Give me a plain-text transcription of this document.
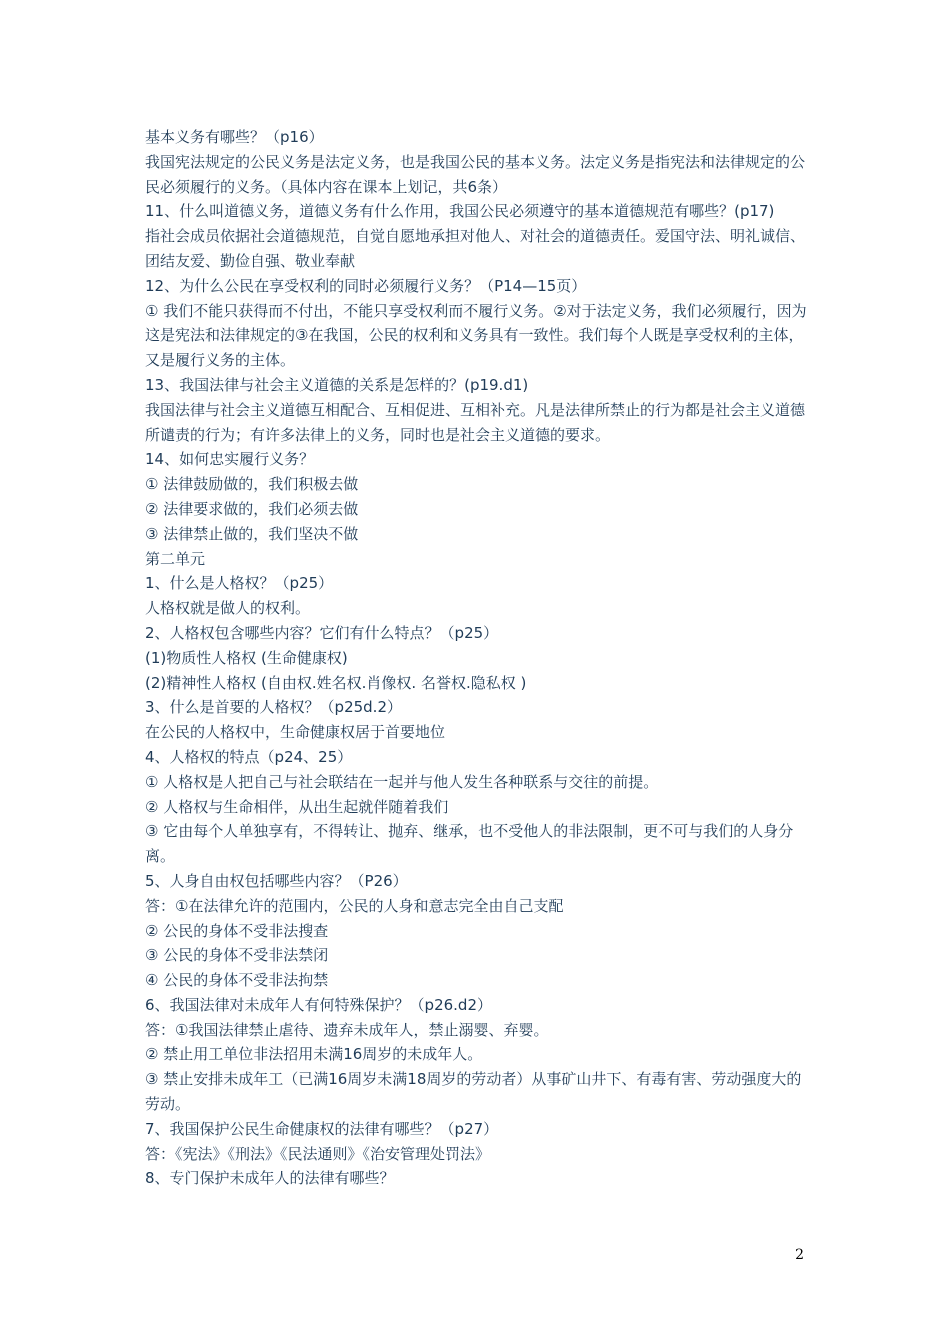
基本义务有哪些？（p16）

我国宪法规定的公民义务是法定义务，也是我国公民的基本义务。法定义务是指宪法和法律规定的公民必须履行的义务。（具体内容在课本上划记，共6条）

11、什么叫道德义务，道德义务有什么作用，我国公民必须遵守的基本道德规范有哪些？(p17)

指社会成员依据社会道德规范，自觉自愿地承担对他人、对社会的道德责任。爱国守法、明礼诚信、团结友爱、勤俭自强、敬业奉献

12、为什么公民在享受权利的同时必须履行义务？（P14—15页）

① 我们不能只获得而不付出，不能只享受权利而不履行义务。②对于法定义务，我们必须履行，因为这是宪法和法律规定的③在我国，公民的权利和义务具有一致性。我们每个人既是享受权利的主体，又是履行义务的主体。

13、我国法律与社会主义道德的关系是怎样的？(p19.d1)

我国法律与社会主义道德互相配合、互相促进、互相补充。凡是法律所禁止的行为都是社会主义道德所谴责的行为；有许多法律上的义务，同时也是社会主义道德的要求。

14、如何忠实履行义务？

① 法律鼓励做的，我们积极去做

② 法律要求做的，我们必须去做

③ 法律禁止做的，我们坚决不做

第二单元

1、什么是人格权？（p25）

人格权就是做人的权利。

2、人格权包含哪些内容？它们有什么特点？（p25）

(1)物质性人格权 (生命健康权)

(2)精神性人格权 (自由权.姓名权.肖像权. 名誉权.隐私权 )

3、什么是首要的人格权？（p25d.2）

在公民的人格权中，生命健康权居于首要地位

4、人格权的特点（p24、25）

① 人格权是人把自己与社会联结在一起并与他人发生各种联系与交往的前提。

② 人格权与生命相伴，从出生起就伴随着我们

③ 它由每个人单独享有，不得转让、抛弃、继承，也不受他人的非法限制，更不可与我们的人身分离。

5、人身自由权包括哪些内容？（P26）

答：①在法律允许的范围内，公民的人身和意志完全由自己支配

② 公民的身体不受非法搜查

③ 公民的身体不受非法禁闭

④ 公民的身体不受非法拘禁

6、我国法律对未成年人有何特殊保护？（p26.d2）

答：①我国法律禁止虐待、遗弃未成年人，禁止溺婴、弃婴。

② 禁止用工单位非法招用未满16周岁的未成年人。

③ 禁止安排未成年工（已满16周岁未满18周岁的劳动者）从事矿山井下、有毒有害、劳动强度大的劳动。

7、我国保护公民生命健康权的法律有哪些？（p27）

答：《宪法》《刑法》《民法通则》《治安管理处罚法》

8、专门保护未成年人的法律有哪些？

2
